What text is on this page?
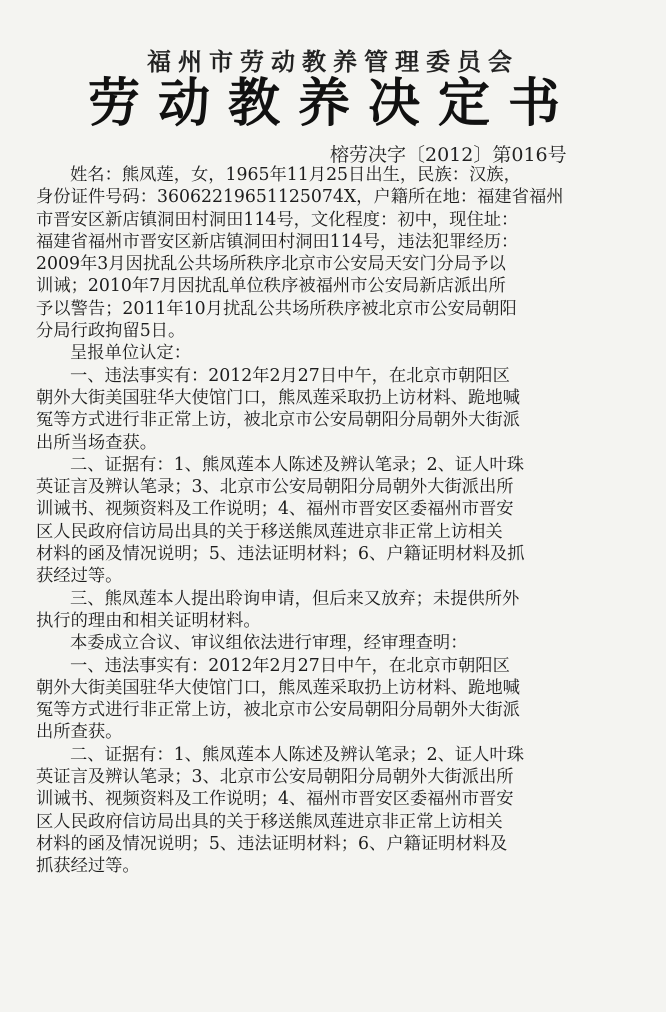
福州市劳动教养管理委员会
劳动教养决定书
榕劳决字〔2012〕第016号

姓名：熊凤莲，女，1965年11月25日出生，民族：汉族，

身份证件号码：36062219651125074X，户籍所在地：福建省福州

市晋安区新店镇洞田村洞田114号，文化程度：初中，现住址：

福建省福州市晋安区新店镇洞田村洞田114号，违法犯罪经历：

2009年3月因扰乱公共场所秩序北京市公安局天安门分局予以

训诫；2010年7月因扰乱单位秩序被福州市公安局新店派出所

予以警告；2011年10月扰乱公共场所秩序被北京市公安局朝阳

分局行政拘留5日。

呈报单位认定：

一、违法事实有：2012年2月27日中午，在北京市朝阳区

朝外大街美国驻华大使馆门口，熊凤莲采取扔上访材料、跪地喊

冤等方式进行非正常上访，被北京市公安局朝阳分局朝外大街派

出所当场查获。

二、证据有：1、熊凤莲本人陈述及辨认笔录；2、证人叶珠

英证言及辨认笔录；3、北京市公安局朝阳分局朝外大街派出所

训诫书、视频资料及工作说明；4、福州市晋安区委福州市晋安

区人民政府信访局出具的关于移送熊凤莲进京非正常上访相关

材料的函及情况说明；5、违法证明材料；6、户籍证明材料及抓

获经过等。

三、熊凤莲本人提出聆询申请，但后来又放弃；未提供所外

执行的理由和相关证明材料。

本委成立合议、审议组依法进行审理，经审理查明：

一、违法事实有：2012年2月27日中午，在北京市朝阳区

朝外大街美国驻华大使馆门口，熊凤莲采取扔上访材料、跪地喊

冤等方式进行非正常上访，被北京市公安局朝阳分局朝外大街派

出所查获。

二、证据有：1、熊凤莲本人陈述及辨认笔录；2、证人叶珠

英证言及辨认笔录；3、北京市公安局朝阳分局朝外大街派出所

训诫书、视频资料及工作说明；4、福州市晋安区委福州市晋安

区人民政府信访局出具的关于移送熊凤莲进京非正常上访相关

材料的函及情况说明；5、违法证明材料；6、户籍证明材料及

抓获经过等。
